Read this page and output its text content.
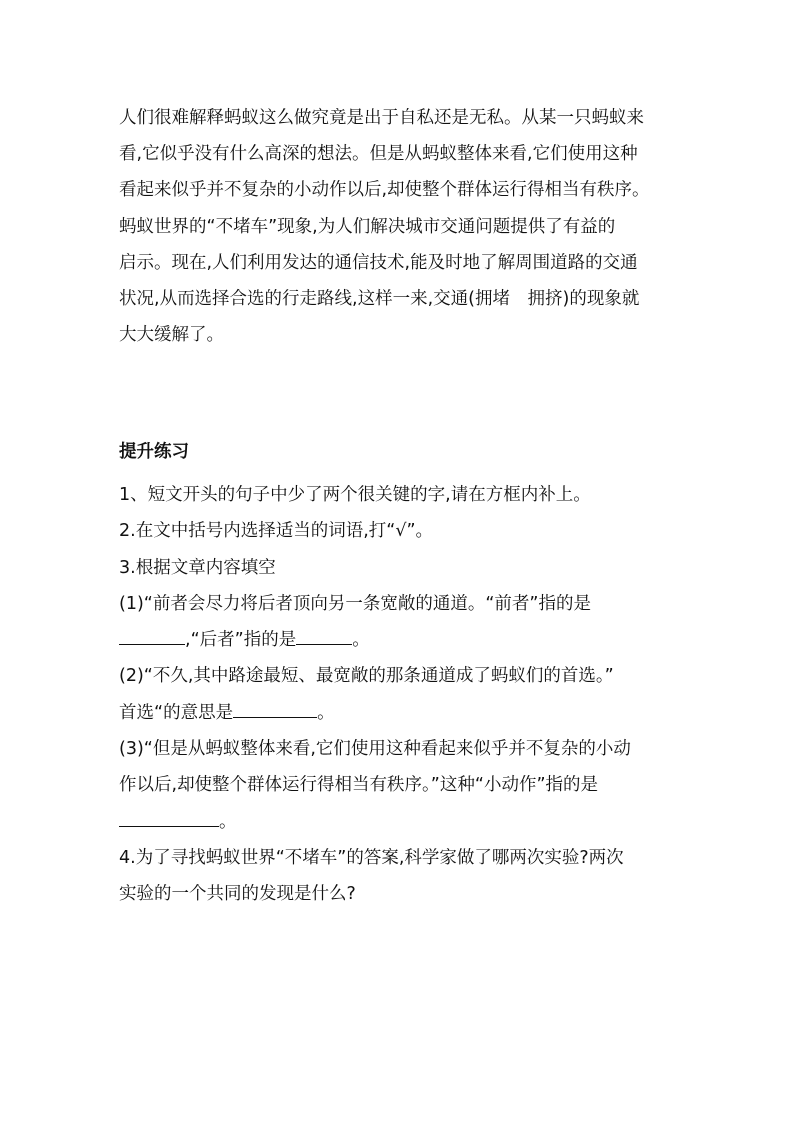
人们很难解释蚂蚁这么做究竟是出于自私还是无私。从某一只蚂蚁来
看,它似乎没有什么高深的想法。但是从蚂蚁整体来看,它们使用这种
看起来似乎并不复杂的小动作以后,却使整个群体运行得相当有秩序。
蚂蚁世界的“不堵车”现象,为人们解决城市交通问题提供了有益的
启示。现在,人们利用发达的通信技术,能及时地了解周围道路的交通
状况,从而选择合选的行走路线,这样一来,交通(拥堵　拥挤)的现象就
大大缓解了。
提升练习
1、短文开头的句子中少了两个很关键的字,请在方框内补上。
2.在文中括号内选择适当的词语,打“√”。
3.根据文章内容填空
(1)“前者会尽力将后者顶向另一条宽敞的通道。“前者”指的是
,“后者”指的是	。
(2)“不久,其中路途最短、最宽敞的那条通道成了蚂蚁们的首选。”
首选“的意思是	。
(3)“但是从蚂蚁整体来看,它们使用这种看起来似乎并不复杂的小动
作以后,却使整个群体运行得相当有秩序。”这种“小动作”指的是
。
4.为了寻找蚂蚁世界“不堵车”的答案,科学家做了哪两次实验?两次
实验的一个共同的发现是什么?
